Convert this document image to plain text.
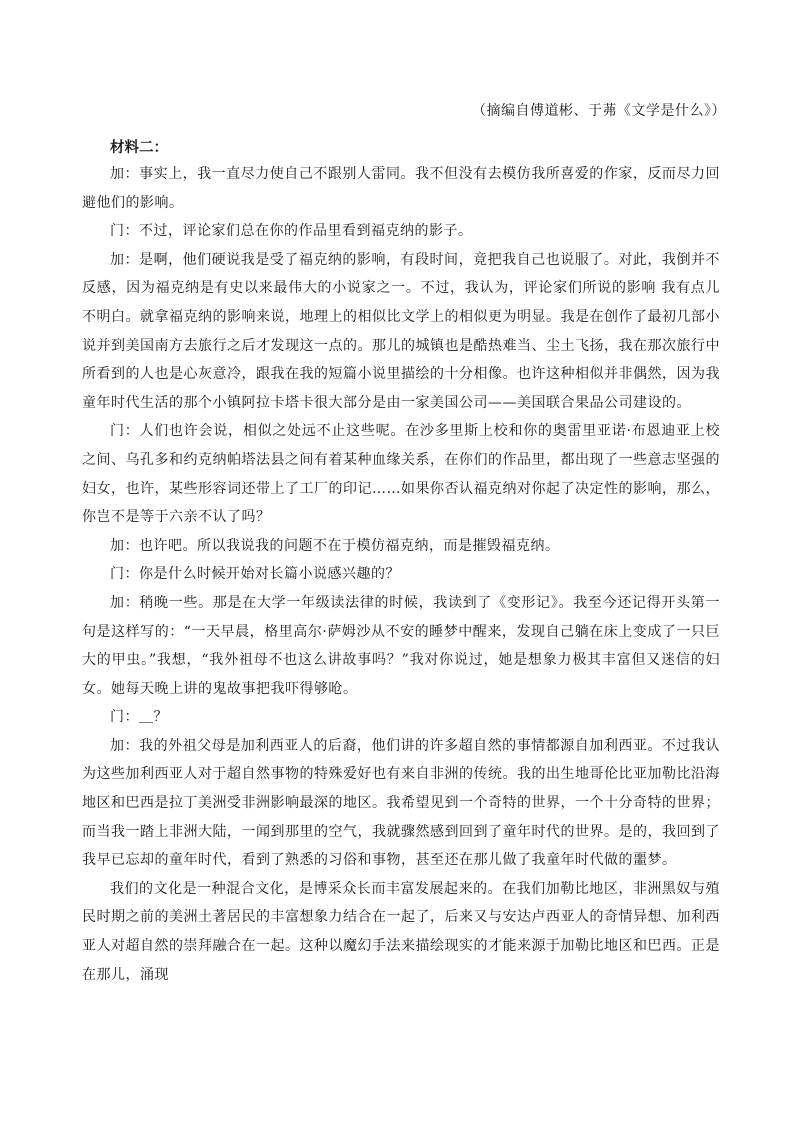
（摘编自傅道彬、于茀《文学是什么》）
材料二：

加：事实上，我一直尽力使自己不跟别人雷同。我不但没有去模仿我所喜爱的作家，反而尽力回避他们的影响。

门：不过，评论家们总在你的作品里看到福克纳的影子。

加：是啊，他们硬说我是受了福克纳的影响，有段时间，竟把我自己也说服了。对此，我倒并不反感，因为福克纳是有史以来最伟大的小说家之一。不过，我认为，评论家们所说的影响 我有点儿不明白。就拿福克纳的影响来说，地理上的相似比文学上的相似更为明显。我是在创作了最初几部小说并到美国南方去旅行之后才发现这一点的。那儿的城镇也是酷热难当、尘土飞扬，我在那次旅行中所看到的人也是心灰意冷，跟我在我的短篇小说里描绘的十分相像。也许这种相似并非偶然，因为我童年时代生活的那个小镇阿拉卡塔卡很大部分是由一家美国公司——美国联合果品公司建设的。

门：人们也许会说，相似之处远不止这些呢。在沙多里斯上校和你的奥雷里亚诺·布恩迪亚上校之间、乌孔多和约克纳帕塔法县之间有着某种血缘关系，在你们的作品里，都出现了一些意志坚强的妇女，也许，某些形容词还带上了工厂的印记……如果你否认福克纳对你起了决定性的影响，那么，你岂不是等于六亲不认了吗？

加：也许吧。所以我说我的问题不在于模仿福克纳，而是摧毁福克纳。

门：你是什么时候开始对长篇小说感兴趣的？

加：稍晚一些。那是在大学一年级读法律的时候，我读到了《变形记》。我至今还记得开头第一句是这样写的：“一天早晨，格里高尔·萨姆沙从不安的睡梦中醒来，发现自己躺在床上变成了一只巨大的甲虫。”我想，“我外祖母不也这么讲故事吗？”我对你说过，她是想象力极其丰富但又迷信的妇女。她每天晚上讲的鬼故事把我吓得够呛。

门：＿？

加：我的外祖父母是加利西亚人的后裔，他们讲的许多超自然的事情都源自加利西亚。不过我认为这些加利西亚人对于超自然事物的特殊爱好也有来自非洲的传统。我的出生地哥伦比亚加勒比沿海地区和巴西是拉丁美洲受非洲影响最深的地区。我希望见到一个奇特的世界，一个十分奇特的世界；而当我一踏上非洲大陆，一闻到那里的空气，我就骤然感到回到了童年时代的世界。是的，我回到了我早已忘却的童年时代，看到了熟悉的习俗和事物，甚至还在那儿做了我童年时代做的噩梦。

我们的文化是一种混合文化，是博采众长而丰富发展起来的。在我们加勒比地区，非洲黑奴与殖民时期之前的美洲土著居民的丰富想象力结合在一起了，后来又与安达卢西亚人的奇情异想、加利西亚人对超自然的崇拜融合在一起。这种以魔幻手法来描绘现实的才能来源于加勒比地区和巴西。正是在那儿，涌现
